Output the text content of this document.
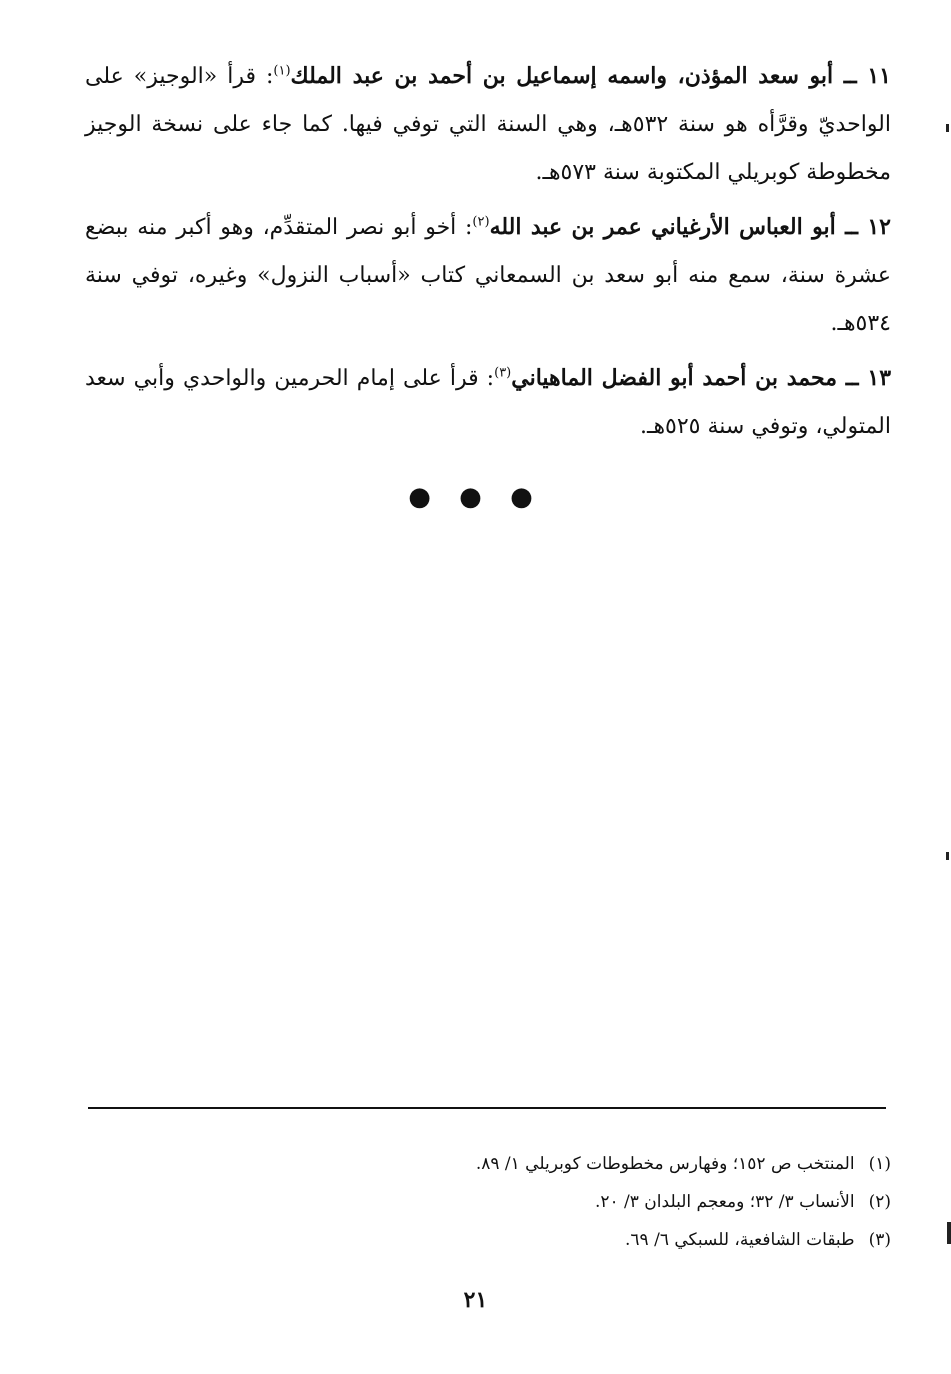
١١ ــ أبو سعد المؤذن، واسمه إسماعيل بن أحمد بن عبد الملك$^{(١)}$: قرأ «الوجيز» على الواحديّ وقرَّأه هو سنة ٥٣٢هـ، وهي السنة التي توفي فيها. كما جاء على نسخة الوجيز مخطوطة كوبريلي المكتوبة سنة ٥٧٣هـ.

١٢ ــ أبو العباس الأرغياني عمر بن عبد الله$^{(٢)}$: أخو أبو نصر المتقدِّم، وهو أكبر منه ببضع عشرة سنة، سمع منه أبو سعد بن السمعاني كتاب «أسباب النزول» وغيره، توفي سنة ٥٣٤هـ.

١٣ ــ محمد بن أحمد أبو الفضل الماهياني$^{(٣)}$: قرأ على إمام الحرمين والواحدي وأبي سعد المتولي، وتوفي سنة ٥٢٥هـ.

● ● ●
(١)المنتخب ص ١٥٢؛ وفهارس مخطوطات كوبريلي ١/ ٨٩.
(٢)الأنساب ٣/ ٣٢؛ ومعجم البلدان ٣/ ٢٠.
(٣)طبقات الشافعية، للسبكي ٦/ ٦٩.
٢١
